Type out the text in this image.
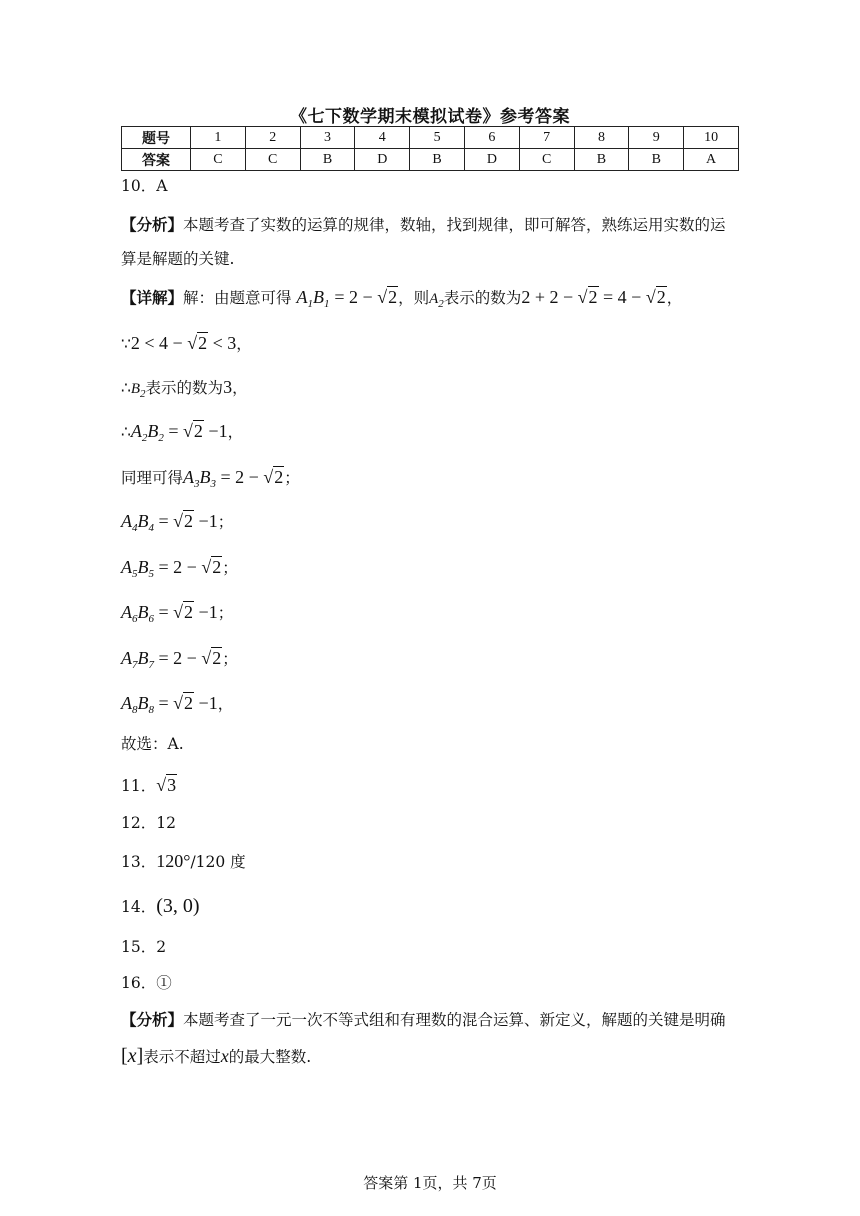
《七下数学期末模拟试卷》参考答案
题号	1	2	3	4	5	6	7	8	9	10
答案	C	C	B	D	B	D	C	B	B	A
10．A
【分析】本题考查了实数的运算的规律，数轴，找到规律，即可解答，熟练运用实数的运算是解题的关键.
【详解】解：由题意可得 $A_1B_1 = 2 - √2$，则$A_2$表示的数为2 + 2 − √2 = 4 − √2，
∵2 < 4 − √2 < 3，
$\therefore B_2$表示的数为3，
$\therefore A_2B_2 = √2 -1$，
同理可得$A_3B_3 = 2 - √2$；
$A_4B_4 = √2 -1$；
$A_5B_5 = 2 - √2$；
$A_6B_6 = √2 -1$；
$A_7B_7 = 2 - √2$；
$A_8B_8 = √2 -1$，
故选：A.
11．√3
12．12
13．120°/120 度
14．(3, 0)
15．2
16．①
【分析】本题考查了一元一次不等式组和有理数的混合运算、新定义，解题的关键是明确[x]表示不超过x的最大整数.
答案第 1页，共 7页
